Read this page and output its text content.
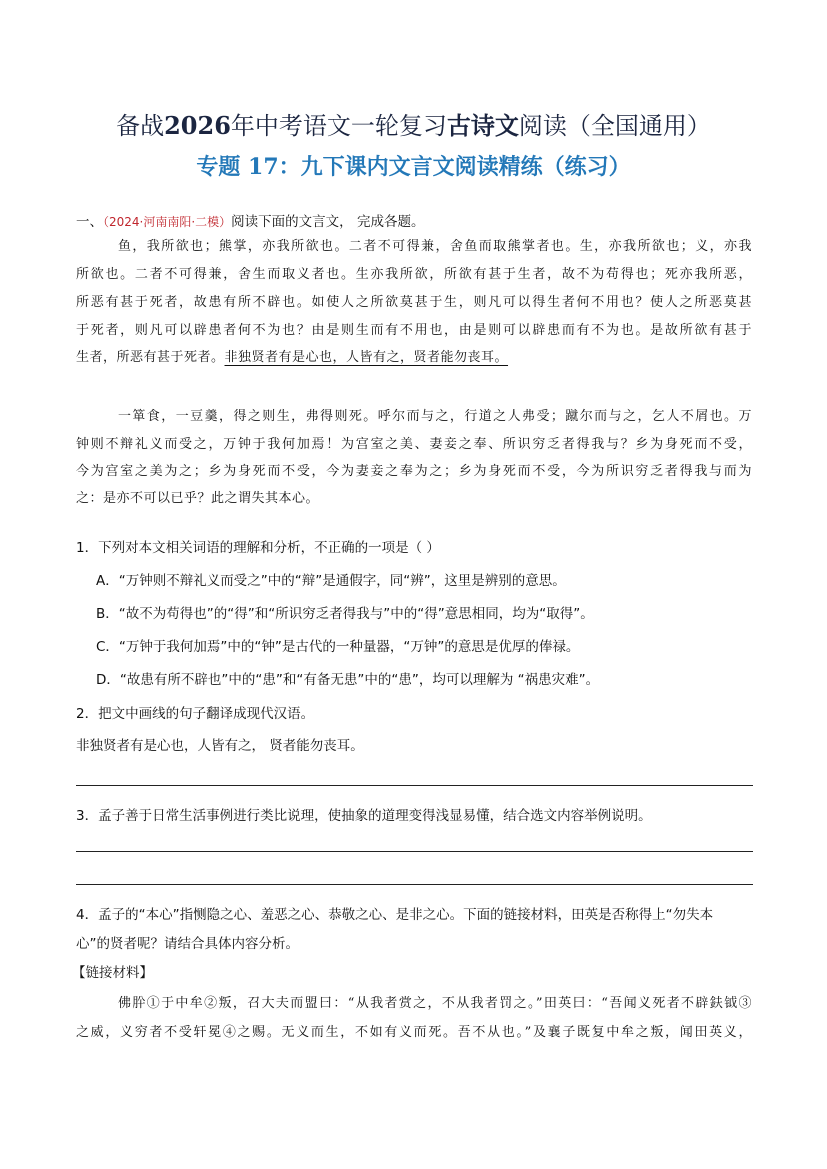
备战2026年中考语文一轮复习古诗文阅读（全国通用）
专题 17：九下课内文言文阅读精练（练习）
一、（2024·河南南阳·二模）阅读下面的文言文， 完成各题。
鱼，我所欲也；熊掌，亦我所欲也。二者不可得兼，舍鱼而取熊掌者也。生，亦我所欲也；义，亦我
所欲也。二者不可得兼，舍生而取义者也。生亦我所欲，所欲有甚于生者，故不为苟得也；死亦我所恶，
所恶有甚于死者，故患有所不辟也。如使人之所欲莫甚于生，则凡可以得生者何不用也？使人之所恶莫甚
于死者，则凡可以辟患者何不为也？由是则生而有不用也，由是则可以辟患而有不为也。是故所欲有甚于
生者，所恶有甚于死者。非独贤者有是心也，人皆有之，贤者能勿丧耳。
一箪食，一豆羹，得之则生，弗得则死。呼尔而与之，行道之人弗受；蹴尔而与之，乞人不屑也。万
钟则不辩礼义而受之，万钟于我何加焉！为宫室之美、妻妾之奉、所识穷乏者得我与？乡为身死而不受，
今为宫室之美为之；乡为身死而不受，今为妻妾之奉为之；乡为身死而不受，今为所识穷乏者得我与而为
之：是亦不可以已乎？此之谓失其本心。
1．下列对本文相关词语的理解和分析，不正确的一项是（ ）
A．“万钟则不辩礼义而受之”中的“辩”是通假字，同“辨”，这里是辨别的意思。
B．“故不为苟得也”的“得”和“所识穷乏者得我与”中的“得”意思相同，均为“取得”。
C．“万钟于我何加焉”中的“钟”是古代的一种量器，“万钟”的意思是优厚的俸禄。
D．“故患有所不辟也”中的“患”和“有备无患”中的“患”，均可以理解为 “祸患灾难”。
2．把文中画线的句子翻译成现代汉语。
非独贤者有是心也，人皆有之， 贤者能勿丧耳。
3．孟子善于日常生活事例进行类比说理，使抽象的道理变得浅显易懂，结合选文内容举例说明。
4．孟子的“本心”指恻隐之心、羞恶之心、恭敬之心、是非之心。下面的链接材料，田英是否称得上“勿失本
心”的贤者呢？请结合具体内容分析。
【链接材料】
佛肸①于中牟②叛，召大夫而盟曰：“从我者赏之，不从我者罚之。”田英曰：“吾闻义死者不辟鈇钺③
之威，义穷者不受轩冕④之赐。无义而生，不如有义而死。吾不从也。”及襄子既复中牟之叛，闻田英义，
